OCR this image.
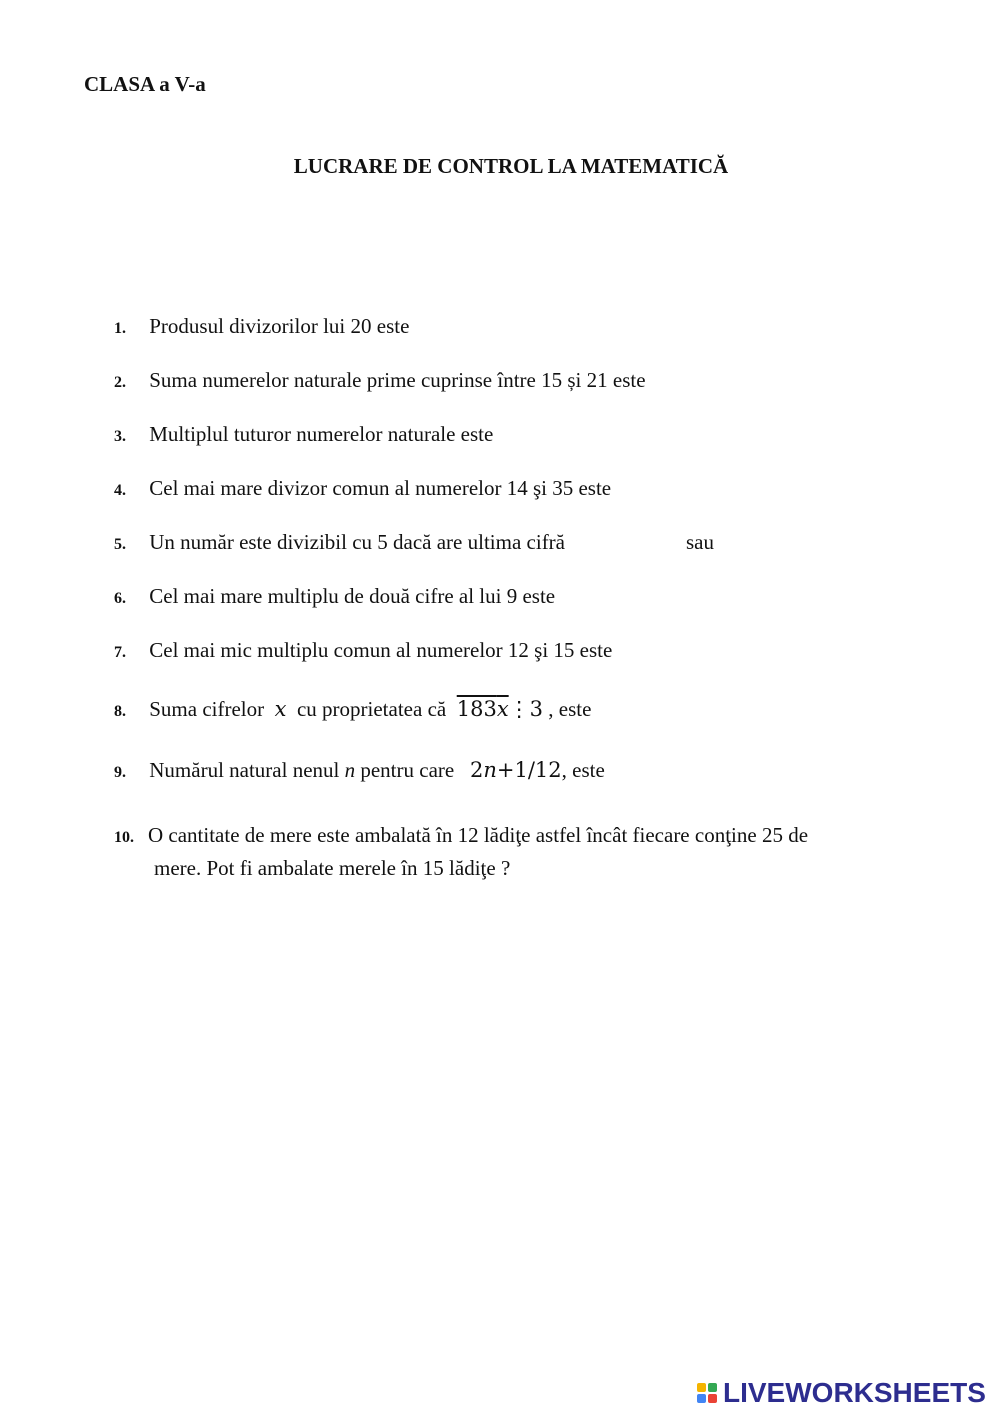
CLASA a V-a
LUCRARE DE CONTROL LA MATEMATICĂ
1. Produsul divizorilor lui 20 este
2. Suma numerelor naturale prime cuprinse între 15 și 21 este
3. Multiplul tuturor numerelor naturale este
4. Cel mai mare divizor comun al numerelor 14 şi 35 este
5. Un număr este divizibil cu 5 dacă are ultima cifră	sau
6. Cel mai mare multiplu de două cifre al lui 9 este
7. Cel mai mic multiplu comun al numerelor 12 şi 15 este
8. Suma cifrelor x cu proprietatea că 183x⋮3 , este
9. Numărul natural nenul n pentru care 2n+1/12, este
10. O cantitate de mere este ambalată în 12 lădiţe astfel încât fiecare conţine 25 de
mere. Pot fi ambalate merele în 15 lădiţe ?
LIVEWORKSHEETS
